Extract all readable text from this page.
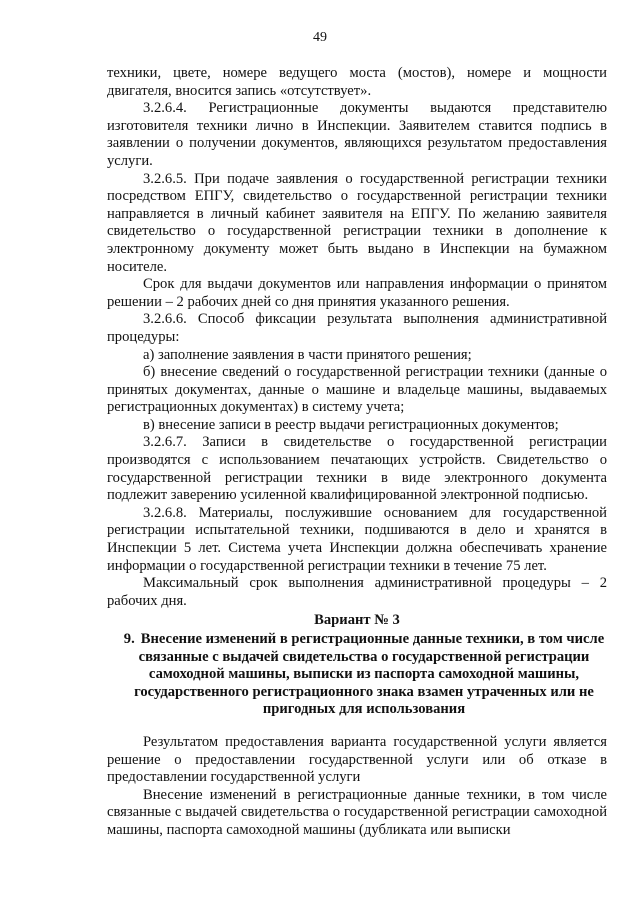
49

техники, цвете, номере ведущего моста (мостов), номере и мощности двигателя, вносится запись «отсутствует».

3.2.6.4. Регистрационные документы выдаются представителю изготовителя техники лично в Инспекции. Заявителем ставится подпись в заявлении о получении документов, являющихся результатом предоставления услуги.

3.2.6.5. При подаче заявления о государственной регистрации техники посредством ЕПГУ, свидетельство о государственной регистрации техники направляется в личный кабинет заявителя на ЕПГУ. По желанию заявителя свидетельство о государственной регистрации техники в дополнение к электронному документу может быть выдано в Инспекции на бумажном носителе.

Срок для выдачи документов или направления информации о принятом решении – 2 рабочих дней со дня принятия указанного решения.

3.2.6.6. Способ фиксации результата выполнения административной процедуры:

а) заполнение заявления в части принятого решения;

б) внесение сведений о государственной регистрации техники (данные о принятых документах, данные о машине и владельце машины, выдаваемых регистрационных документах) в систему учета;

в) внесение записи в реестр выдачи регистрационных документов;

3.2.6.7. Записи в свидетельстве о государственной регистрации производятся с использованием печатающих устройств. Свидетельство о государственной регистрации техники в виде электронного документа подлежит заверению усиленной квалифицированной электронной подписью.

3.2.6.8. Материалы, послужившие основанием для государственной регистрации испытательной техники, подшиваются в дело и хранятся в Инспекции 5 лет. Система учета Инспекции должна обеспечивать хранение информации о государственной регистрации техники в течение 75 лет.

Максимальный срок выполнения административной процедуры – 2 рабочих дня.

Вариант № 3
9. Внесение изменений в регистрационные данные техники, в том числе связанные с выдачей свидетельства о государственной регистрации самоходной машины, выписки из паспорта самоходной машины, государственного регистрационного знака взамен утраченных или не пригодных для использования

Результатом предоставления варианта государственной услуги является решение о предоставлении государственной услуги или об отказе в предоставлении государственной услуги

Внесение изменений в регистрационные данные техники, в том числе связанные с выдачей свидетельства о государственной регистрации самоходной машины, паспорта самоходной машины (дубликата или выписки
